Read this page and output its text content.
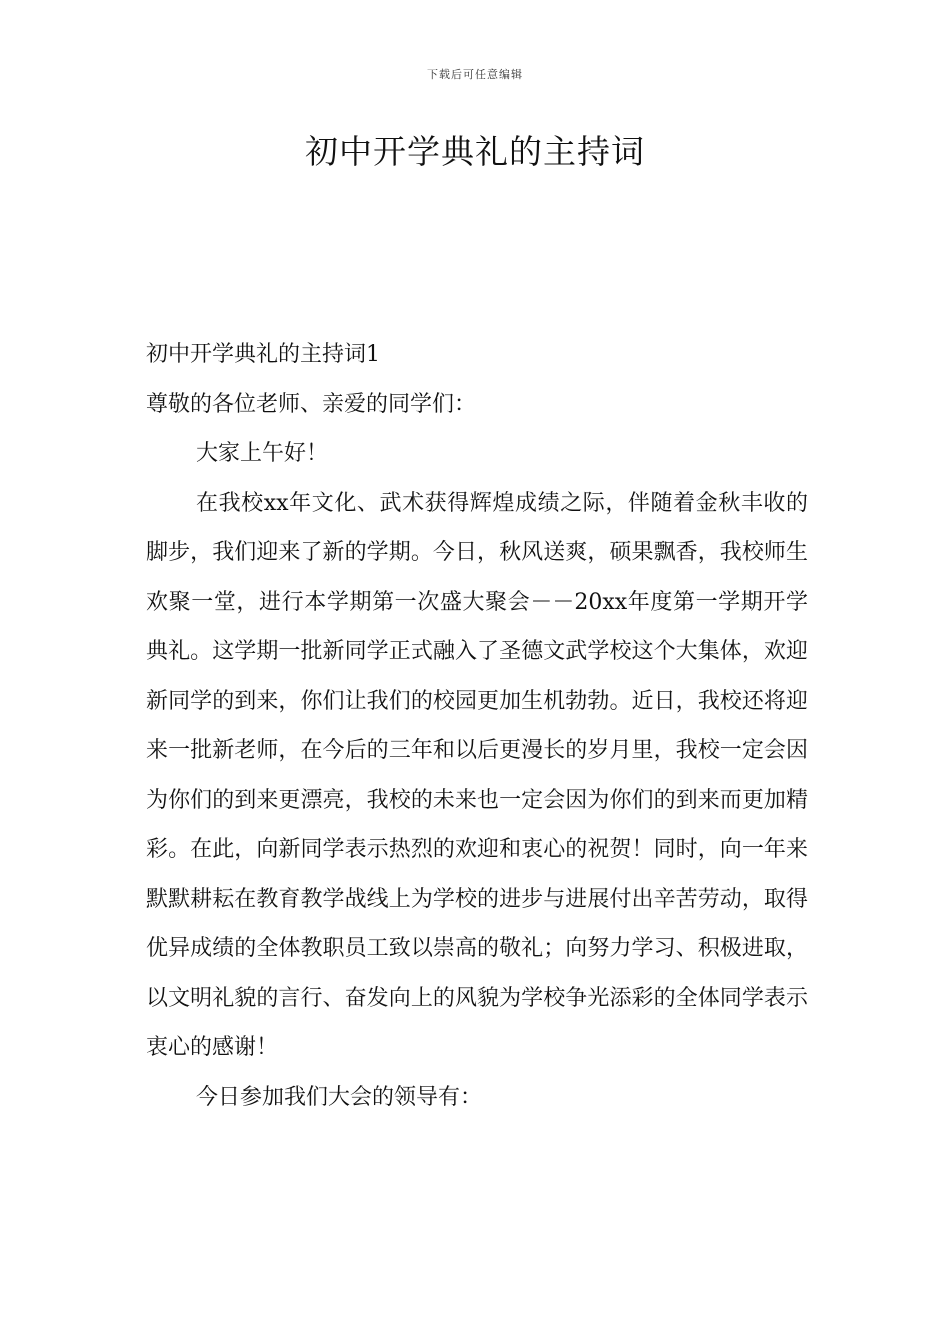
下载后可任意编辑
初中开学典礼的主持词

初中开学典礼的主持词1

尊敬的各位老师、亲爱的同学们：

大家上午好！

在我校xx年文化、武术获得辉煌成绩之际，伴随着金秋丰收的脚步，我们迎来了新的学期。今日，秋风送爽，硕果飘香，我校师生欢聚一堂，进行本学期第一次盛大聚会－－20xx年度第一学期开学典礼。这学期一批新同学正式融入了圣德文武学校这个大集体，欢迎新同学的到来，你们让我们的校园更加生机勃勃。近日，我校还将迎来一批新老师，在今后的三年和以后更漫长的岁月里，我校一定会因为你们的到来更漂亮，我校的未来也一定会因为你们的到来而更加精彩。在此，向新同学表示热烈的欢迎和衷心的祝贺！同时，向一年来默默耕耘在教育教学战线上为学校的进步与进展付出辛苦劳动，取得优异成绩的全体教职员工致以崇高的敬礼；向努力学习、积极进取，以文明礼貌的言行、奋发向上的风貌为学校争光添彩的全体同学表示衷心的感谢！

今日参加我们大会的领导有：
